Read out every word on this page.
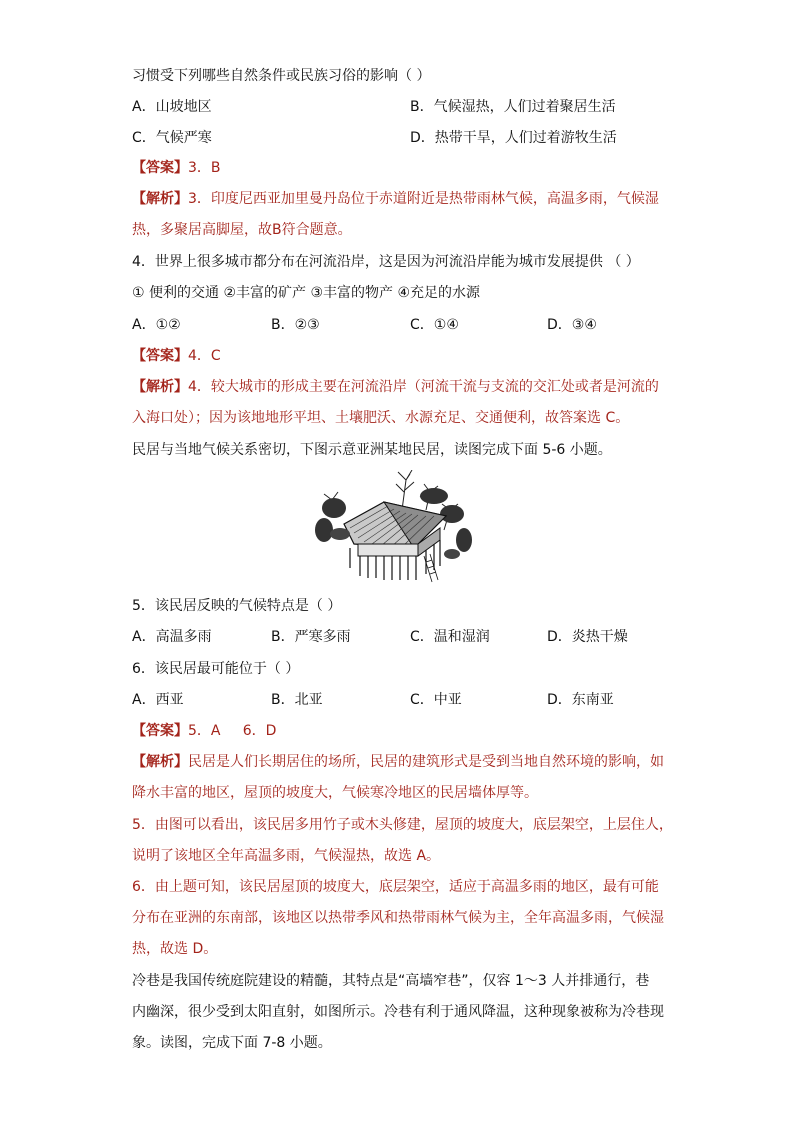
习惯受下列哪些自然条件或民族习俗的影响（ ）
A．山坡地区	B．气候湿热，人们过着聚居生活
C．气候严寒	D．热带干旱，人们过着游牧生活
【答案】3．B
【解析】3．印度尼西亚加里曼丹岛位于赤道附近是热带雨林气候，高温多雨，气候湿
热，多聚居高脚屋，故B符合题意。
4．世界上很多城市都分布在河流沿岸，这是因为河流沿岸能为城市发展提供 （ ）
① 便利的交通 ②丰富的矿产 ③丰富的物产 ④充足的水源
A．①②	B．②③	C．①④	D．③④
【答案】4．C
【解析】4．较大城市的形成主要在河流沿岸（河流干流与支流的交汇处或者是河流的
入海口处）；因为该地地形平坦、土壤肥沃、水源充足、交通便利，故答案选 C。
民居与当地气候关系密切，下图示意亚洲某地民居，读图完成下面 5-6 小题。
5．该民居反映的气候特点是（ ）
A．高温多雨	B．严寒多雨	C．温和湿润	D．炎热干燥
6．该民居最可能位于（ ）
A．西亚	B．北亚	C．中亚	D．东南亚
【答案】5．A     6．D
【解析】民居是人们长期居住的场所，民居的建筑形式是受到当地自然环境的影响，如
降水丰富的地区，屋顶的坡度大，气候寒冷地区的民居墙体厚等。
5．由图可以看出，该民居多用竹子或木头修建，屋顶的坡度大，底层架空，上层住人，
说明了该地区全年高温多雨，气候湿热，故选 A。
6．由上题可知，该民居屋顶的坡度大，底层架空，适应于高温多雨的地区，最有可能
分布在亚洲的东南部，该地区以热带季风和热带雨林气候为主，全年高温多雨，气候湿
热，故选 D。
冷巷是我国传统庭院建设的精髓，其特点是“高墙窄巷”，仅容 1～3 人并排通行，巷
内幽深，很少受到太阳直射，如图所示。冷巷有利于通风降温，这种现象被称为冷巷现
象。读图，完成下面 7-8 小题。
